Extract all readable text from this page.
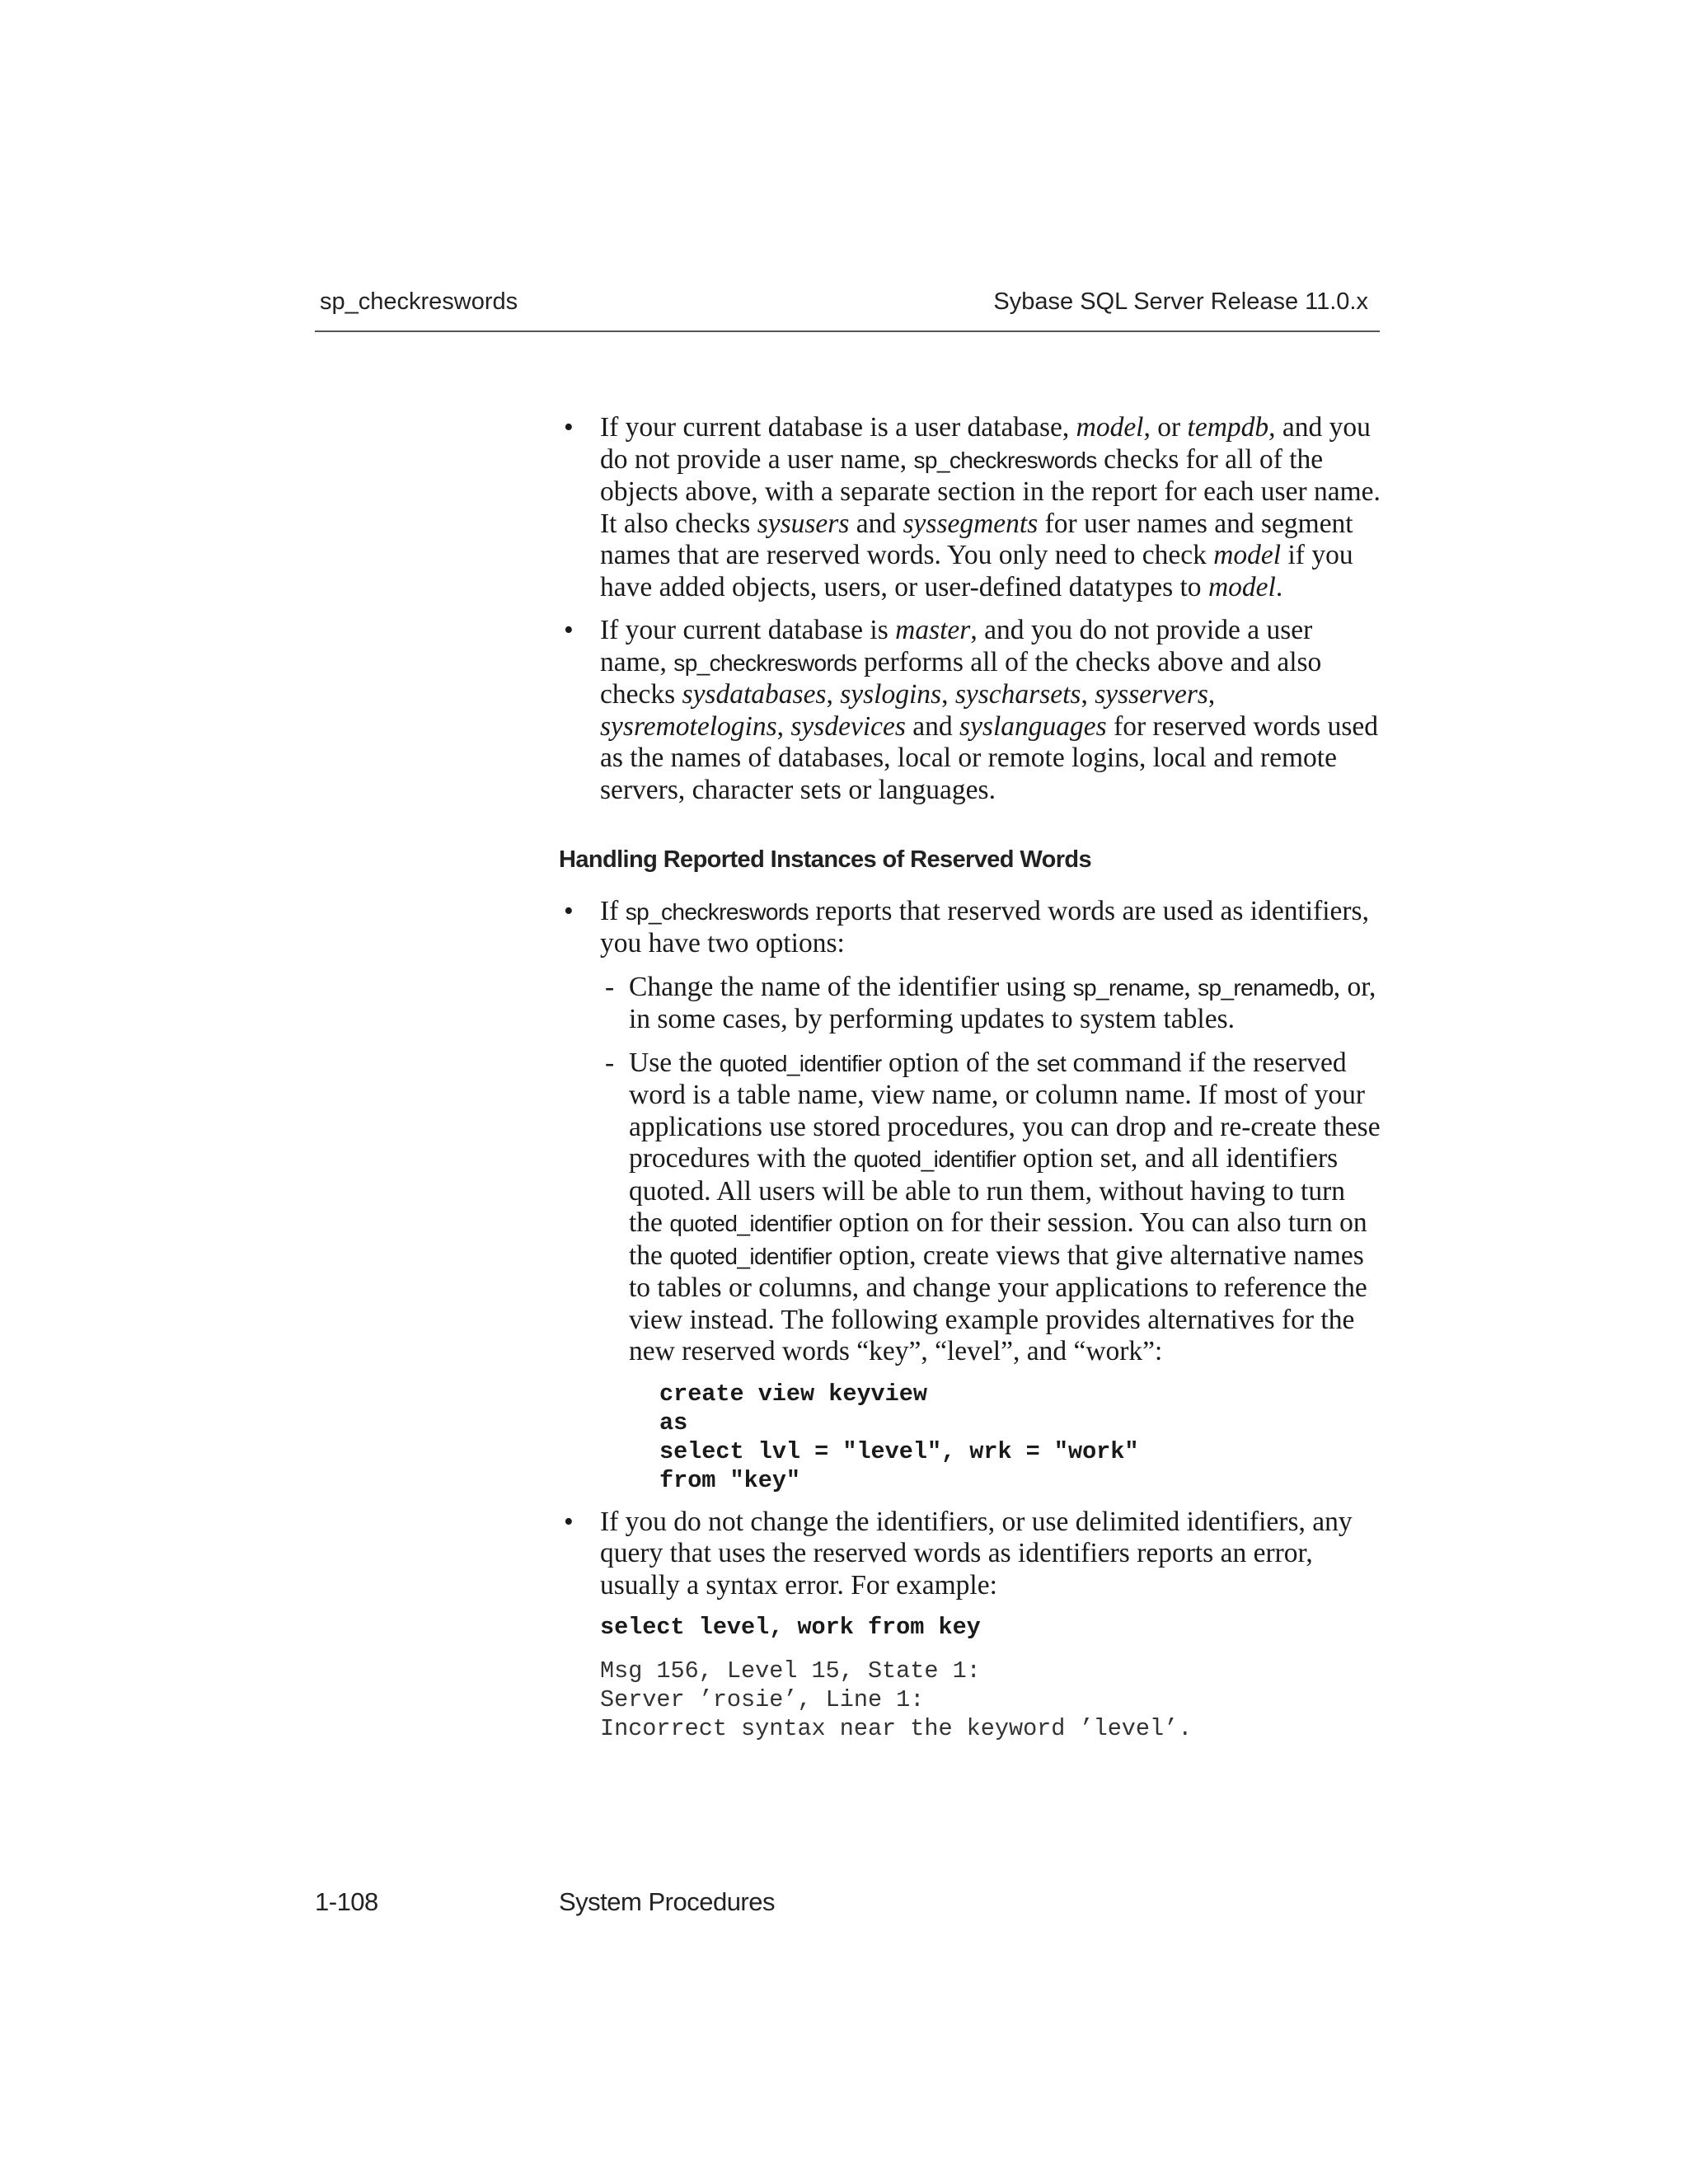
sp_checkreswords	Sybase SQL Server Release 11.0.x
• If your current database is a user database, model, or tempdb, and you do not provide a user name, sp_checkreswords checks for all of the objects above, with a separate section in the report for each user name. It also checks sysusers and syssegments for user names and segment names that are reserved words. You only need to check model if you have added objects, users, or user-defined datatypes to model.
• If your current database is master, and you do not provide a user name, sp_checkreswords performs all of the checks above and also checks sysdatabases, syslogins, syscharsets, sysservers, sysremotelogins, sysdevices and syslanguages for reserved words used as the names of databases, local or remote logins, local and remote servers, character sets or languages.
Handling Reported Instances of Reserved Words
• If sp_checkreswords reports that reserved words are used as identifiers, you have two options:
- Change the name of the identifier using sp_rename, sp_renamedb, or, in some cases, by performing updates to system tables.
- Use the quoted_identifier option of the set command if the reserved word is a table name, view name, or column name. If most of your applications use stored procedures, you can drop and re-create these procedures with the quoted_identifier option set, and all identifiers quoted. All users will be able to run them, without having to turn the quoted_identifier option on for their session. You can also turn on the quoted_identifier option, create views that give alternative names to tables or columns, and change your applications to reference the view instead. The following example provides alternatives for the new reserved words “key”, “level”, and “work”:
create view keyview
as
select lvl = "level", wrk = "work"
from "key"
• If you do not change the identifiers, or use delimited identifiers, any query that uses the reserved words as identifiers reports an error, usually a syntax error. For example:
select level, work from key
Msg 156, Level 15, State 1:
Server ’rosie’, Line 1:
Incorrect syntax near the keyword ’level’.
1-108	System Procedures
